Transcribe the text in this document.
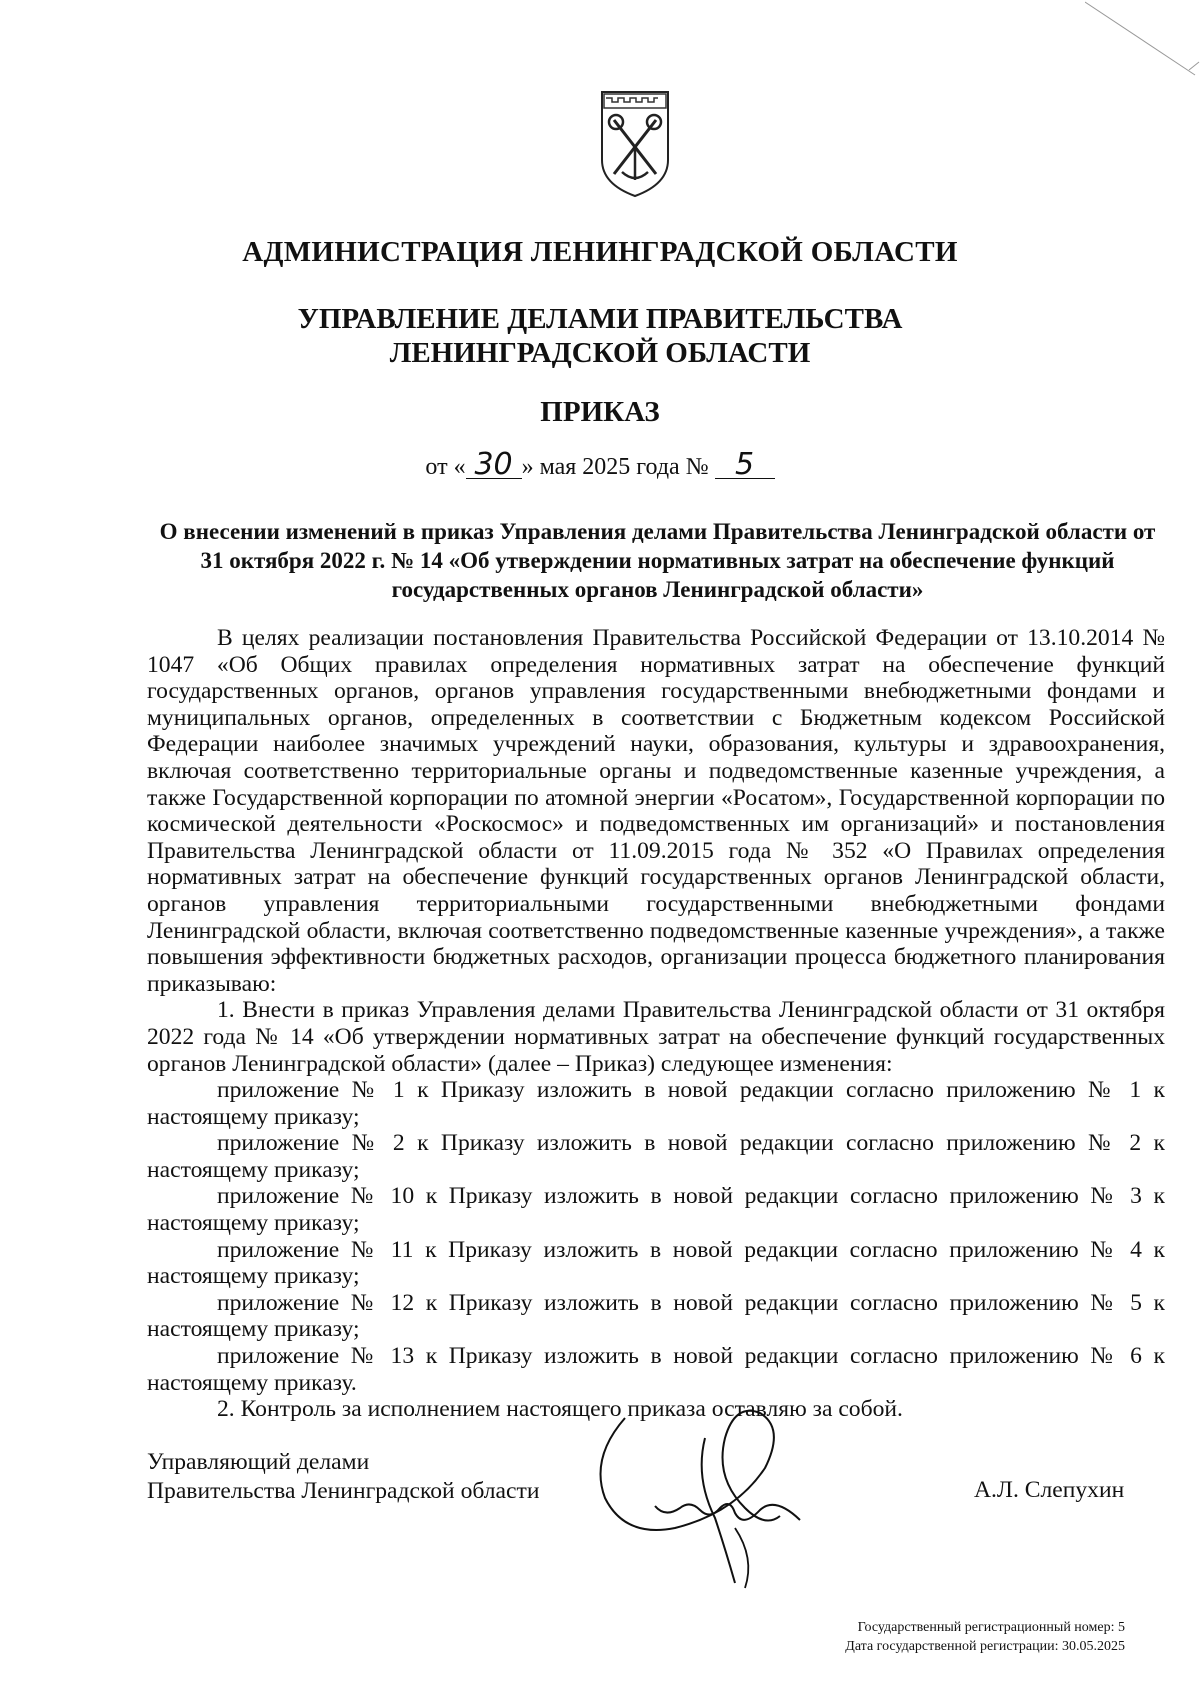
АДМИНИСТРАЦИЯ ЛЕНИНГРАДСКОЙ ОБЛАСТИ
УПРАВЛЕНИЕ ДЕЛАМИ ПРАВИТЕЛЬСТВА
ЛЕНИНГРАДСКОЙ ОБЛАСТИ
ПРИКАЗ
от « 30 » мая 2025 года № 5
О внесении изменений в приказ Управления делами Правительства Ленинградской области от 31 октября 2022 г. № 14 «Об утверждении нормативных затрат на обеспечение функций государственных органов Ленинградской области»

В целях реализации постановления Правительства Российской Федерации от 13.10.2014 № 1047 «Об Общих правилах определения нормативных затрат на обеспечение функций государственных органов, органов управления государственными внебюджетными фондами и муниципальных органов, определенных в соответствии с Бюджетным кодексом Российской Федерации наиболее значимых учреждений науки, образования, культуры и здравоохранения, включая соответственно территориальные органы и подведомственные казенные учреждения, а также Государственной корпорации по атомной энергии «Росатом», Государственной корпорации по космической деятельности «Роскосмос» и подведомственных им организаций» и постановления Правительства Ленинградской области от 11.09.2015 года № 352 «О Правилах определения нормативных затрат на обеспечение функций государственных органов Ленинградской области, органов управления территориальными государственными внебюджетными фондами Ленинградской области, включая соответственно подведомственные казенные учреждения», а также повышения эффективности бюджетных расходов, организации процесса бюджетного планирования приказываю:

1. Внести в приказ Управления делами Правительства Ленинградской области от 31 октября 2022 года № 14 «Об утверждении нормативных затрат на обеспечение функций государственных органов Ленинградской области» (далее – Приказ) следующее изменения:

приложение № 1 к Приказу изложить в новой редакции согласно приложению № 1 к настоящему приказу;

приложение № 2 к Приказу изложить в новой редакции согласно приложению № 2 к настоящему приказу;

приложение № 10 к Приказу изложить в новой редакции согласно приложению № 3 к настоящему приказу;

приложение № 11 к Приказу изложить в новой редакции согласно приложению № 4 к настоящему приказу;

приложение № 12 к Приказу изложить в новой редакции согласно приложению № 5 к настоящему приказу;

приложение № 13 к Приказу изложить в новой редакции согласно приложению № 6 к настоящему приказу.

2. Контроль за исполнением настоящего приказа оставляю за собой.

Управляющий делами
Правительства Ленинградской области	А.Л. Слепухин
Государственный регистрационный номер: 5
Дата государственной регистрации: 30.05.2025
